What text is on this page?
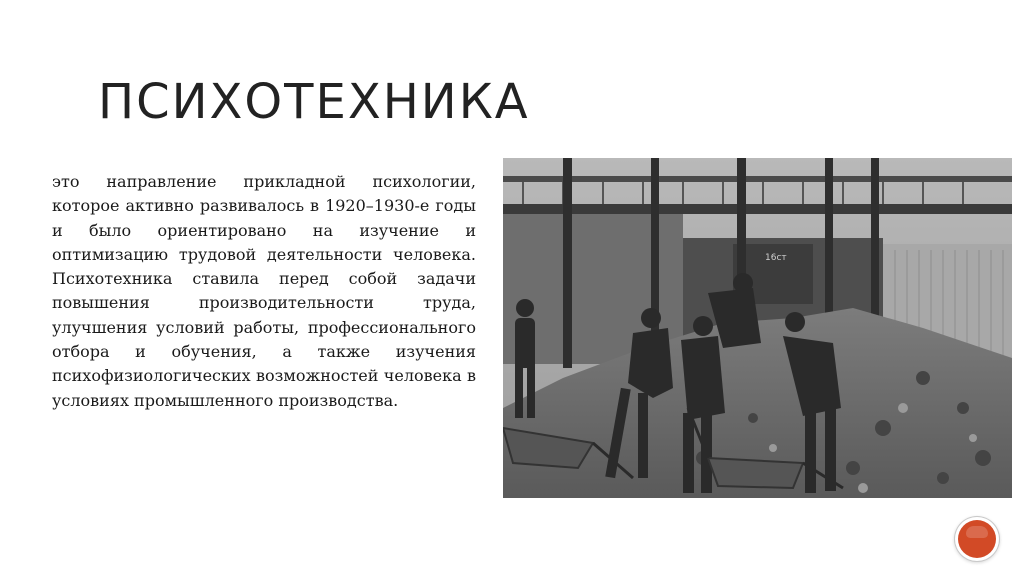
ПСИХОТЕХНИКА

это направление прикладной психологии, которое активно развивалось в 1920–1930-е годы и было ориентировано на изучение и оптимизацию трудовой деятельности человека. Психотехника ставила перед собой задачи повышения производительности труда, улучшения условий работы, профессионального отбора и обучения, а также изучения психофизиологических возможностей человека в условиях промышленного производства.

16ст
